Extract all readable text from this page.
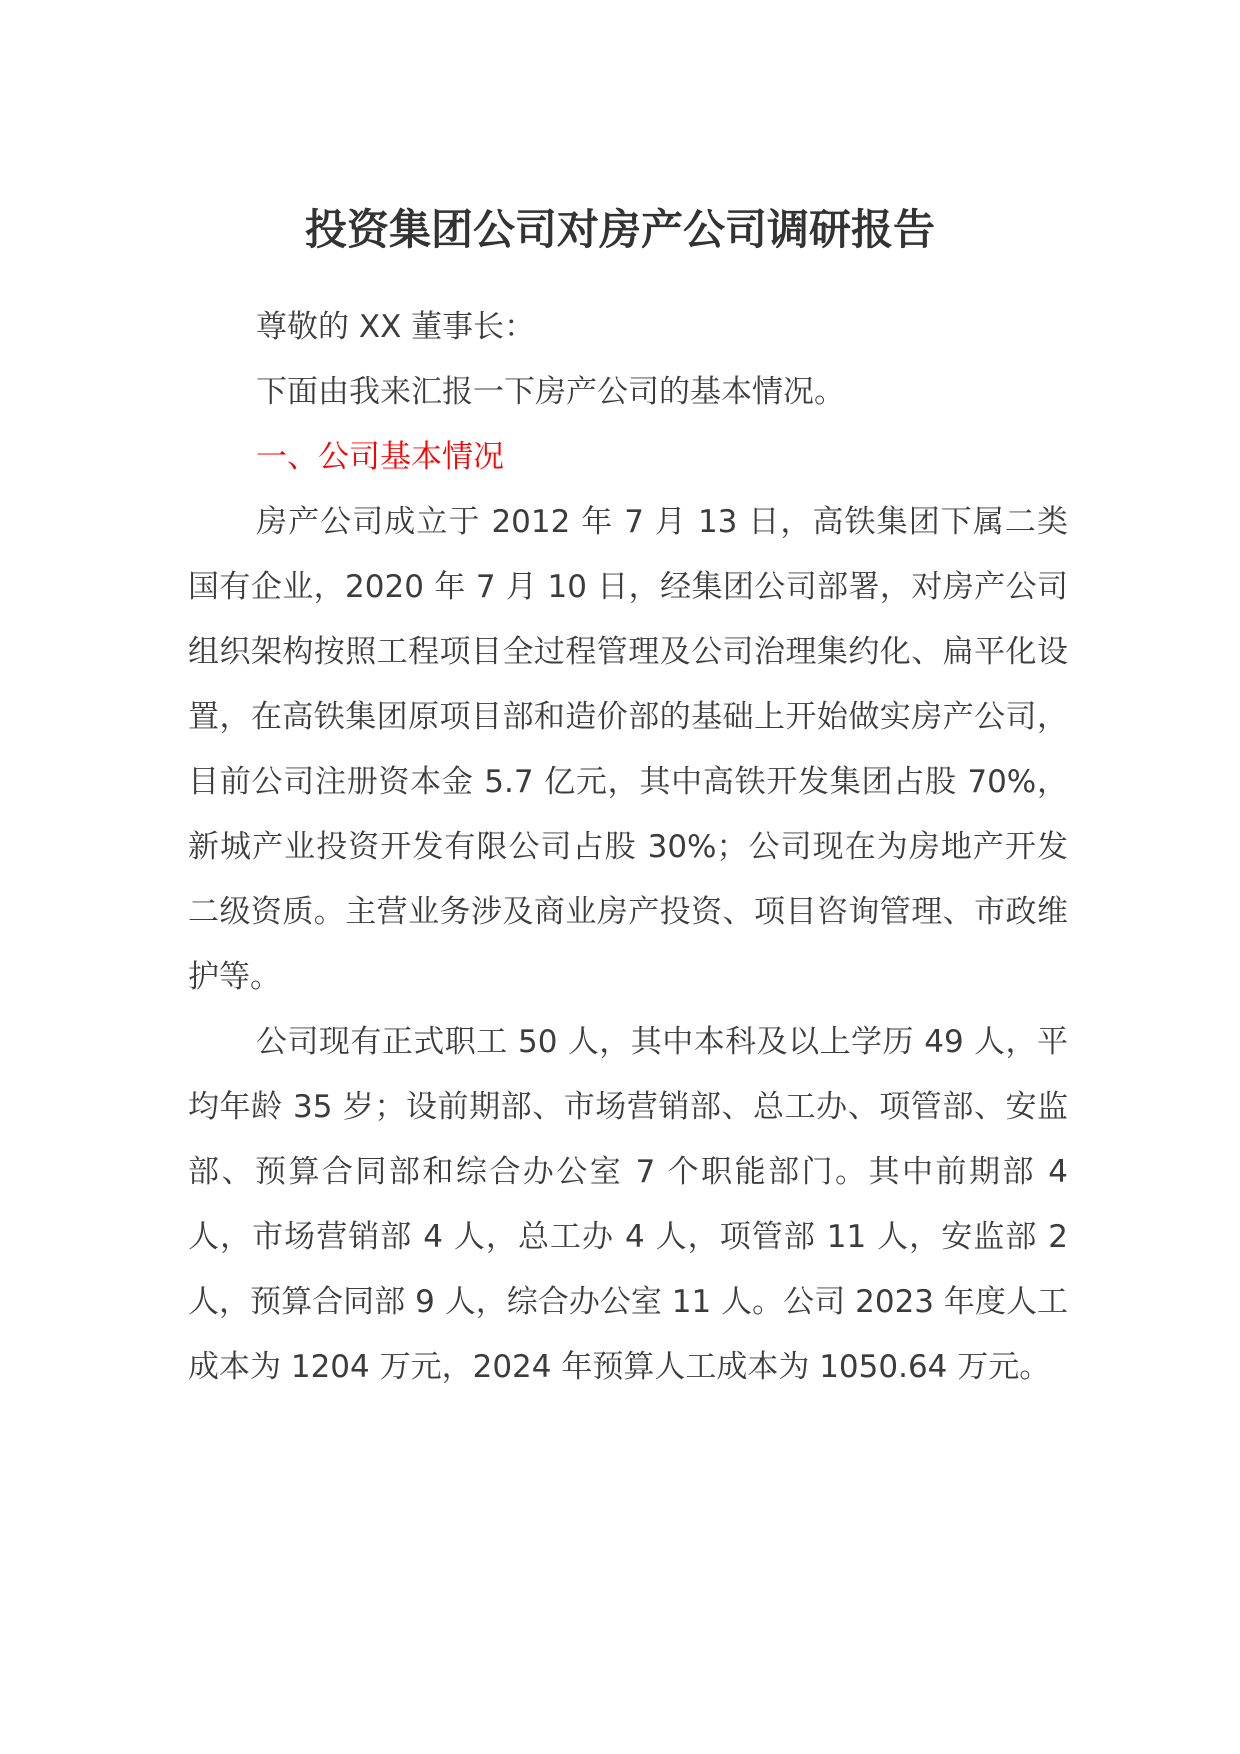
投资集团公司对房产公司调研报告

尊敬的 XX 董事长：

下面由我来汇报一下房产公司的基本情况。

一、公司基本情况

房产公司成立于 2012 年 7 月 13 日，高铁集团下属二类国有企业，2020 年 7 月 10 日，经集团公司部署，对房产公司组织架构按照工程项目全过程管理及公司治理集约化、扁平化设置，在高铁集团原项目部和造价部的基础上开始做实房产公司，目前公司注册资本金 5.7 亿元，其中高铁开发集团占股 70%，新城产业投资开发有限公司占股 30%；公司现在为房地产开发二级资质。主营业务涉及商业房产投资、项目咨询管理、市政维护等。

公司现有正式职工 50 人，其中本科及以上学历 49 人，平均年龄 35 岁；设前期部、市场营销部、总工办、项管部、安监部、预算合同部和综合办公室 7 个职能部门。其中前期部 4 人，市场营销部 4 人，总工办 4 人，项管部 11 人，安监部 2 人，预算合同部 9 人，综合办公室 11 人。公司 2023 年度人工成本为 1204 万元，2024 年预算人工成本为 1050.64 万元。
